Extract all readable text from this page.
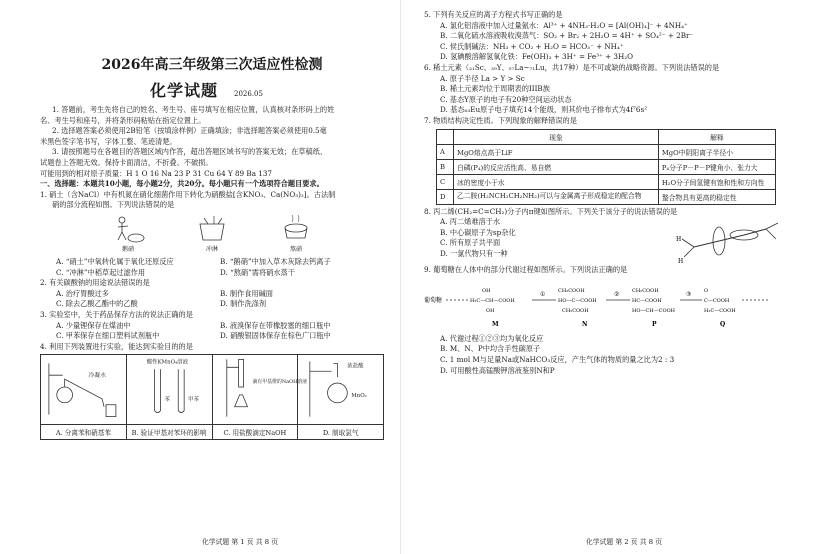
2026年高三年级第三次适应性检测

化学试题 2026.05

1. 答题前，考生先将自己的姓名、考生号、座号填写在相应位置，认真核对条形码上的姓

名、考生号和座号，并将条形码粘贴在指定位置上。

2. 选择题答案必须使用2B铅笔（按填涂样例）正确填涂；非选择题答案必须使用0.5毫

米黑色签字笔书写，字体工整、笔迹清楚。

3. 请按照题号在各题目的答题区域内作答，超出答题区域书写的答案无效；在草稿纸、

试题卷上答题无效。保持卡面清洁，不折叠、不破损。

可能用到的相对原子质量：H 1 O 16 Na 23 P 31 Cu 64 Y 89 Ba 137

一、选择题：本题共10小题，每小题2分，共20分。每小题只有一个选项符合题目要求。

1. 硝土（含NaCl）中有机氮在硝化细菌作用下转化为硝酸盐[含KNO₃、Ca(NO₃)₂]。古法制

硝的部分流程如图。下列说法错误的是

鹅硝	冲淋	熬硝
A. “硝土”中氧转化属于氧化还原反应	B. “鹅硝”中加入草木灰除去钙离子
C. “冲淋”中稻草起过滤作用	D. “熬硝”需将硝水蒸干

2. 有关碳酸钠的用途说法错误的是

A. 治疗胃酸过多	B. 制作食用碱面
C. 除去乙酸乙酯中的乙酸	D. 制作洗涤剂

3. 实验室中，关于药品保存方法的说法正确的是

A. 少量锂保存在煤油中	B. 液溴保存在带橡胶塞的细口瓶中
C. 甲苯保存在细口塑料试剂瓶中	D. 硝酸银固体保存在棕色广口瓶中

4. 利用下列装置进行实验，能达到实验目的的是

冷凝水
A. 分离苯和硝基苯
酸性KMnO₄溶液
苯	甲苯
B. 验证甲基对苯环的影响
滴有甲基橙的NaOH溶液
C. 用盐酸滴定NaOH
浓盐酸
MnO₂
D. 制取氯气
化学试题 第 1 页 共 8 页

5. 下列有关反应的离子方程式书写正确的是

A. 氯化铝溶液中加入过量氨水：Al³⁺ + 4NH₃·H₂O = [Al(OH)₄]⁻ + 4NH₄⁺

B. 二氧化硫水溶液吸收溴蒸气：SO₂ + Br₂ + 2H₂O = 4H⁺ + SO₄²⁻ + 2Br⁻

C. 侯氏制碱法：NH₃ + CO₂ + H₂O = HCO₃⁻ + NH₄⁺

D. 氢碘酸溶解氢氧化铁：Fe(OH)₃ + 3H⁺ = Fe³⁺ + 3H₂O

6. 稀土元素（₂₁Sc、₃₉Y、₅₇La~₇₁Lu，共17种）是不可或缺的战略资源。下列说法错误的是

A. 原子半径 La > Y > Sc

B. 稀土元素均位于周期表的IIIB族

C. 基态Y原子的电子有20种空间运动状态

D. 基态₆₃Eu原子电子填充14个能级，则其价电子排布式为4f⁷6s²

7. 物质结构决定性质。下列现象的解释错误的是

	现象	解释
A	MgO熔点高于LiF	MgO中阴阳离子半径小
B	白磷(P₄)的反应活性高、易自燃	P₄分子P－P－P键角小、张力大
C	冰的密度小于水	H₂O分子间氢键有饱和性和方向性
D	乙二胺(H₂NCH₂CH₂NH₂)可以与金属离子形成稳定的配合物	螯合物具有更高的稳定性

8. 丙二烯(CH₂=C=CH₂)分子内π键如图所示。下列关于该分子的说法错误的是

A. 丙二烯难溶于水

B. 中心碳原子为sp杂化

C. 所有原子共平面

D. 一氯代物只有一种

H
H

9. 葡萄糖在人体中的部分代谢过程如图所示。下列说法正确的是

葡萄糖	H₂C—CH—COOH
OH
OH
M
①	CH₂COOH
HO—C—COOH
CH₂COOH
N
②	CH₂COOH
HC—COOH
HO—CH—COOH
P
③	O
C—COOH
H₂C—COOH
Q

A. 代谢过程①②③均为氧化反应

B. M、N、P中均含手性碳原子

C. 1 mol M与足量Na或NaHCO₃反应，产生气体的物质的量之比为2 : 3

D. 可用酸性高锰酸钾溶液鉴别N和P

化学试题 第 2 页 共 8 页
